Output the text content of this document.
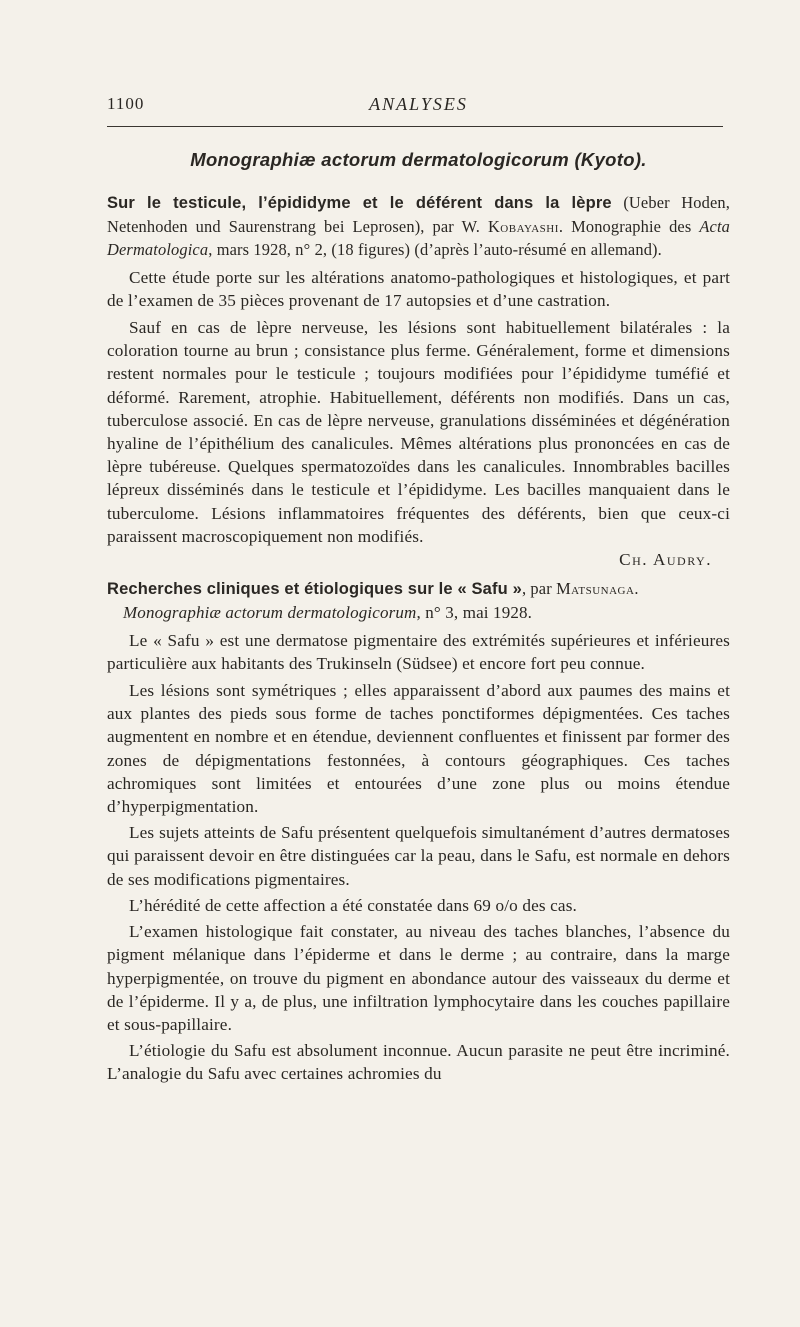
1100	ANALYSES
Monographiæ actorum dermatologicorum (Kyoto).

Sur le testicule, l’épididyme et le déférent dans la lèpre (Ueber Hoden, Netenhoden und Saurenstrang bei Leprosen), par W. Kobayashi. Monographie des Acta Dermatologica, mars 1928, n° 2, (18 figures) (d’après l’auto-résumé en allemand).

Cette étude porte sur les altérations anatomo-pathologiques et histologiques, et part de l’examen de 35 pièces provenant de 17 autopsies et d’une castration.

Sauf en cas de lèpre nerveuse, les lésions sont habituellement bilatérales : la coloration tourne au brun ; consistance plus ferme. Généralement, forme et dimensions restent normales pour le testicule ; toujours modifiées pour l’épididyme tuméfié et déformé. Rarement, atrophie. Habituellement, déférents non modifiés. Dans un cas, tuberculose associé. En cas de lèpre nerveuse, granulations disséminées et dégénération hyaline de l’épithélium des canalicules. Mêmes altérations plus prononcées en cas de lèpre tubéreuse. Quelques spermatozoïdes dans les canalicules. Innombrables bacilles lépreux disséminés dans le testicule et l’épididyme. Les bacilles manquaient dans le tuberculome. Lésions inflammatoires fréquentes des déférents, bien que ceux-ci paraissent macroscopiquement non modifiés.

Ch. Audry.

Recherches cliniques et étiologiques sur le « Safu », par Matsunaga.

Monographiæ actorum dermatologicorum, n° 3, mai 1928.

Le « Safu » est une dermatose pigmentaire des extrémités supérieures et inférieures particulière aux habitants des Trukinseln (Südsee) et encore fort peu connue.

Les lésions sont symétriques ; elles apparaissent d’abord aux paumes des mains et aux plantes des pieds sous forme de taches ponctiformes dépigmentées. Ces taches augmentent en nombre et en étendue, deviennent confluentes et finissent par former des zones de dépigmentations festonnées, à contours géographiques. Ces taches achromiques sont limitées et entourées d’une zone plus ou moins étendue d’hyperpigmentation.

Les sujets atteints de Safu présentent quelquefois simultanément d’autres dermatoses qui paraissent devoir en être distinguées car la peau, dans le Safu, est normale en dehors de ses modifications pigmentaires.

L’hérédité de cette affection a été constatée dans 69 o/o des cas.

L’examen histologique fait constater, au niveau des taches blanches, l’absence du pigment mélanique dans l’épiderme et dans le derme ; au contraire, dans la marge hyperpigmentée, on trouve du pigment en abondance autour des vaisseaux du derme et de l’épiderme. Il y a, de plus, une infiltration lymphocytaire dans les couches papillaire et sous-papillaire.

L’étiologie du Safu est absolument inconnue. Aucun parasite ne peut être incriminé. L’analogie du Safu avec certaines achromies du
